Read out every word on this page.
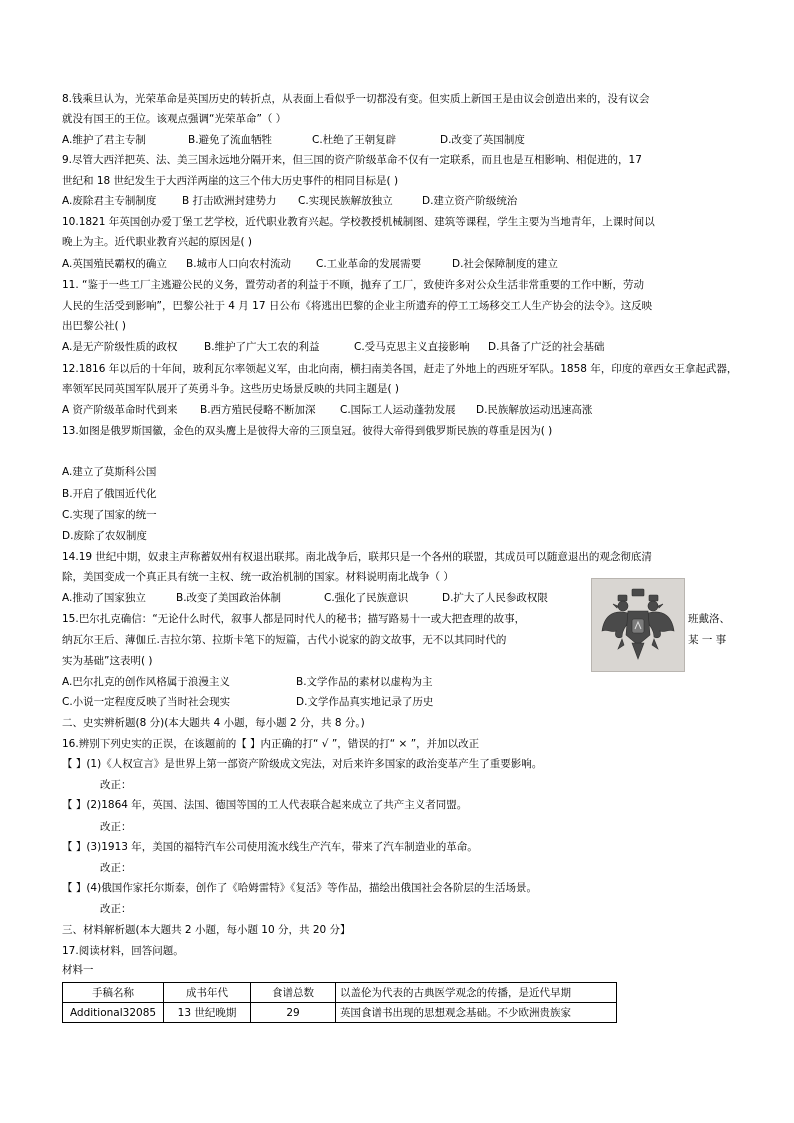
8.钱乘旦认为，光荣革命是英国历史的转折点，从表面上看似乎一切都没有变。但实质上新国王是由议会创造出来的，没有议会
就没有国王的王位。该观点强调“光荣革命”（ ）
A.维护了君主专制	B.避免了流血牺牲	C.杜绝了王朝复辟	D.改变了英国制度
9.尽管大西洋把英、法、美三国永远地分隔开来，但三国的资产阶级革命不仅有一定联系，而且也是互相影响、相促进的，17
世纪和 18 世纪发生于大西洋两崖的这三个伟大历史事件的相同目标是( )
A.废除君主专制制度 B 打击欧洲封建势力 C.实现民族解放独立	D.建立资产阶级统治
10.1821 年英国创办爱丁堡工艺学校，近代职业教育兴起。学校教授机械制图、建筑等课程，学生主要为当地青年，上课时间以
晚上为主。近代职业教育兴起的原因是( )
A.英国殖民霸权的确立 B.城市人口向农村流动 C.工业革命的发展需要	D.社会保障制度的建立
11. “鉴于一些工厂主逃避公民的义务，置劳动者的利益于不顾，抛弃了工厂，致使许多对公众生活非常重要的工作中断，劳动
人民的生活受到影响”，巴黎公社于 4 月 17 日公布《将逃出巴黎的企业主所遗弃的停工工场移交工人生产协会的法令》。这反映
出巴黎公社( )
A.是无产阶级性质的政权	B.维护了广大工农的利益	C.受马克思主义直接影响 D.具备了广泛的社会基础
12.1816 年以后的十年间，玻利瓦尔率领起义军，由北向南，横扫南美各国，赶走了外地上的西班牙军队。1858 年，印度的章西女王拿起武器，
率领军民同英国军队展开了英勇斗争。这些历史场景反映的共同主题是( )
A 资产阶级革命时代到来 B.西方殖民侵略不断加深 C.国际工人运动蓬勃发展 D.民族解放运动迅速高涨
13.如图是俄罗斯国徽，金色的双头鹰上是彼得大帝的三顶皇冠。彼得大帝得到俄罗斯民族的尊重是因为( )
A.建立了莫斯科公国
B.开启了俄国近代化
C.实现了国家的统一
D.废除了农奴制度
14.19 世纪中期，奴隶主声称蓄奴州有权退出联邦。南北战争后，联邦只是一个各州的联盟，其成员可以随意退出的观念彻底清
除，美国变成一个真正具有统一主权、统一政治机制的国家。材料说明南北战争（ ）
A.推动了国家独立	B.改变了美国政治体制	C.强化了民族意识	D.扩大了人民参政权限
15.巴尔扎克确信：“无论什么时代，叙事人都是同时代人的秘书；描写路易十一或大把查理的故事，	班戴洛、
纳瓦尔王后、薄伽丘.吉拉尔第、拉斯卡笔下的短篇，古代小说家的韵文故事，无不以其同时代的	某 一 事
实为基础”这表明( )
A.巴尔扎克的创作风格属于浪漫主义	B.文学作品的素材以虚构为主
C.小说一定程度反映了当时社会现实	D.文学作品真实地记录了历史
二、史实辨析题(8 分)(本大题共 4 小题，每小题 2 分，共 8 分。)
16.辨别下列史实的正误，在该题前的【 】内正确的打“ √ ”，错误的打“ × ”，并加以改正
【 】(1)《人权宣言》是世界上第一部资产阶级成文宪法，对后来许多国家的政治变革产生了重要影响。
改正：
【 】(2)1864 年，英国、法国、德国等国的工人代表联合起来成立了共产主义者同盟。
改正：
【 】(3)1913 年，美国的福特汽车公司使用流水线生产汽车，带来了汽车制造业的革命。
改正：
【 】(4)俄国作家托尔斯泰，创作了《哈姆雷特》《复活》等作品，描绘出俄国社会各阶层的生活场景。
改正：
三、材料解析题(本大题共 2 小题，每小题 10 分，共 20 分】
17.阅读材料，回答问题。
材料一
手稿名称	成书年代	食谱总数	以盖伦为代表的古典医学观念的传播，是近代早期
Additional32085	13 世纪晚期	29	英国食谱书出现的思想观念基础。不少欧洲贵族家
